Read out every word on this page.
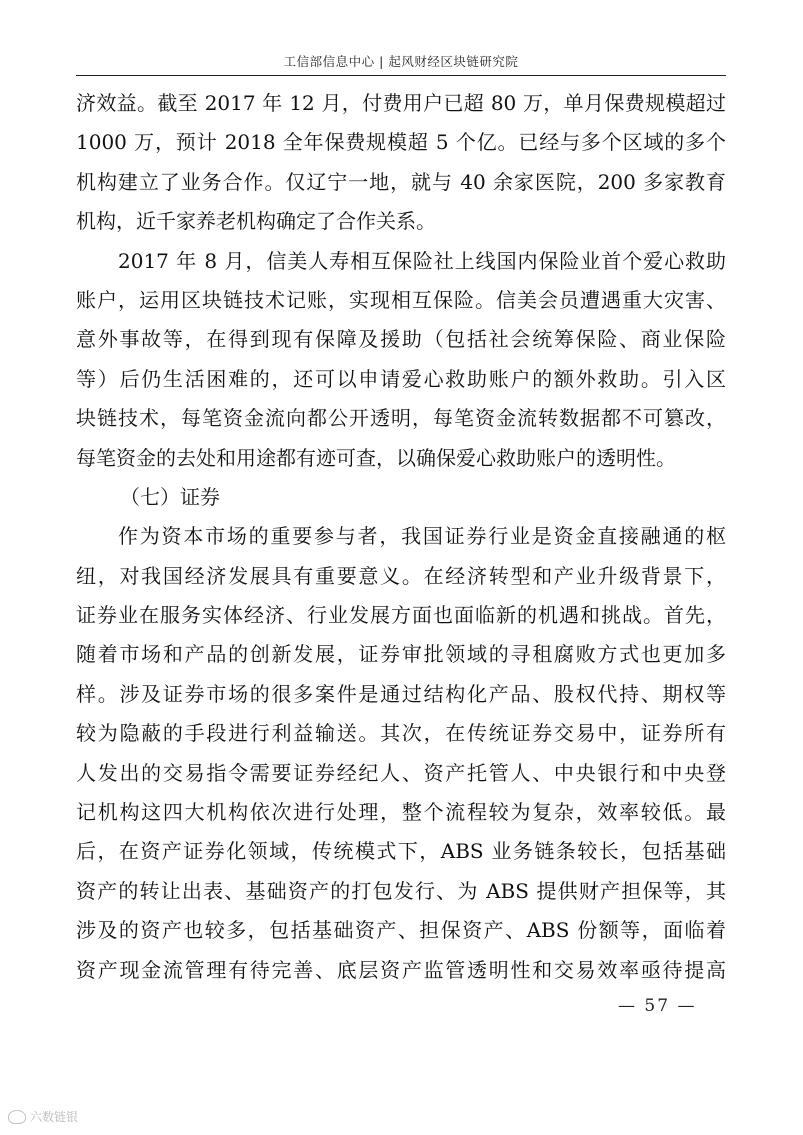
工信部信息中心 | 起风财经区块链研究院
济效益。截至 2017 年 12 月，付费用户已超 80 万，单月保费规模超过
1000 万，预计 2018 全年保费规模超 5 个亿。已经与多个区域的多个
机构建立了业务合作。仅辽宁一地，就与 40 余家医院，200 多家教育
机构，近千家养老机构确定了合作关系。
2017 年 8 月，信美人寿相互保险社上线国内保险业首个爱心救助
账户，运用区块链技术记账，实现相互保险。信美会员遭遇重大灾害、
意外事故等，在得到现有保障及援助（包括社会统筹保险、商业保险
等）后仍生活困难的，还可以申请爱心救助账户的额外救助。引入区
块链技术，每笔资金流向都公开透明，每笔资金流转数据都不可篡改，
每笔资金的去处和用途都有迹可查，以确保爱心救助账户的透明性。
（七）证券
作为资本市场的重要参与者，我国证券行业是资金直接融通的枢
纽，对我国经济发展具有重要意义。在经济转型和产业升级背景下，
证券业在服务实体经济、行业发展方面也面临新的机遇和挑战。首先，
随着市场和产品的创新发展，证券审批领域的寻租腐败方式也更加多
样。涉及证券市场的很多案件是通过结构化产品、股权代持、期权等
较为隐蔽的手段进行利益输送。其次，在传统证券交易中，证券所有
人发出的交易指令需要证券经纪人、资产托管人、中央银行和中央登
记机构这四大机构依次进行处理，整个流程较为复杂，效率较低。最
后，在资产证券化领域，传统模式下，ABS 业务链条较长，包括基础
资产的转让出表、基础资产的打包发行、为 ABS 提供财产担保等，其
涉及的资产也较多，包括基础资产、担保资产、ABS 份额等，面临着
资产现金流管理有待完善、底层资产监管透明性和交易效率亟待提高
— 57 —
六数链银
